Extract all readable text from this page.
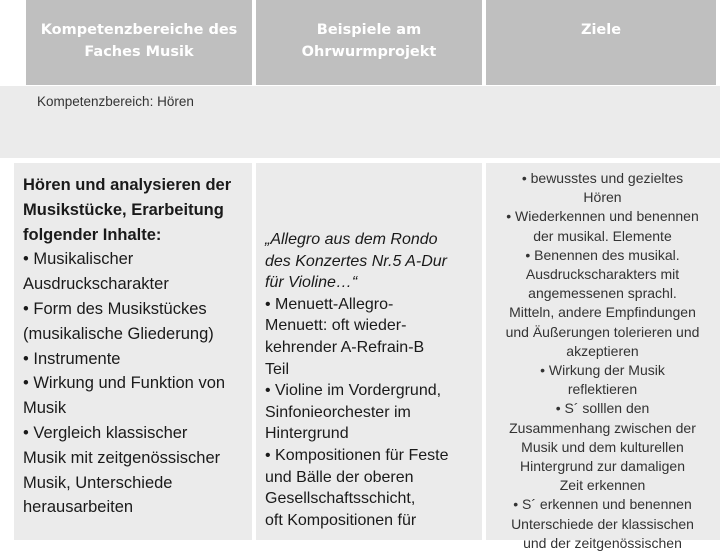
Kompetenzbereiche des
Faches Musik
Beispiele am
Ohrwurmprojekt
Ziele
Kompetenzbereich: Hören
Hören und analysieren der
Musikstücke, Erarbeitung
folgender Inhalte:
• Musikalischer
Ausdruckscharakter
• Form des Musikstückes
(musikalische Gliederung)
• Instrumente
• Wirkung und Funktion von
Musik
• Vergleich klassischer
Musik mit zeitgenössischer
Musik, Unterschiede
herausarbeiten
„Allegro aus dem Rondo
des Konzertes Nr.5 A-Dur
für Violine…“
• Menuett-Allegro-
Menuett: oft wieder-
kehrender A-Refrain-B
Teil
• Violine im Vordergrund,
Sinfonieorchester im
Hintergrund
• Kompositionen für Feste
und Bälle der oberen
Gesellschaftsschicht,
oft Kompositionen für
• bewusstes und gezieltes
Hören
• Wiederkennen und benennen
der musikal. Elemente
• Benennen des musikal.
Ausdruckscharakters mit
angemessenen sprachl.
Mitteln, andere Empfindungen
und Äußerungen tolerieren und
akzeptieren
• Wirkung der Musik
reflektieren
• S´ solllen den
Zusammenhang zwischen der
Musik und dem kulturellen
Hintergrund zur damaligen
Zeit erkennen
• S´ erkennen und benennen
Unterschiede der klassischen
und der zeitgenössischen
